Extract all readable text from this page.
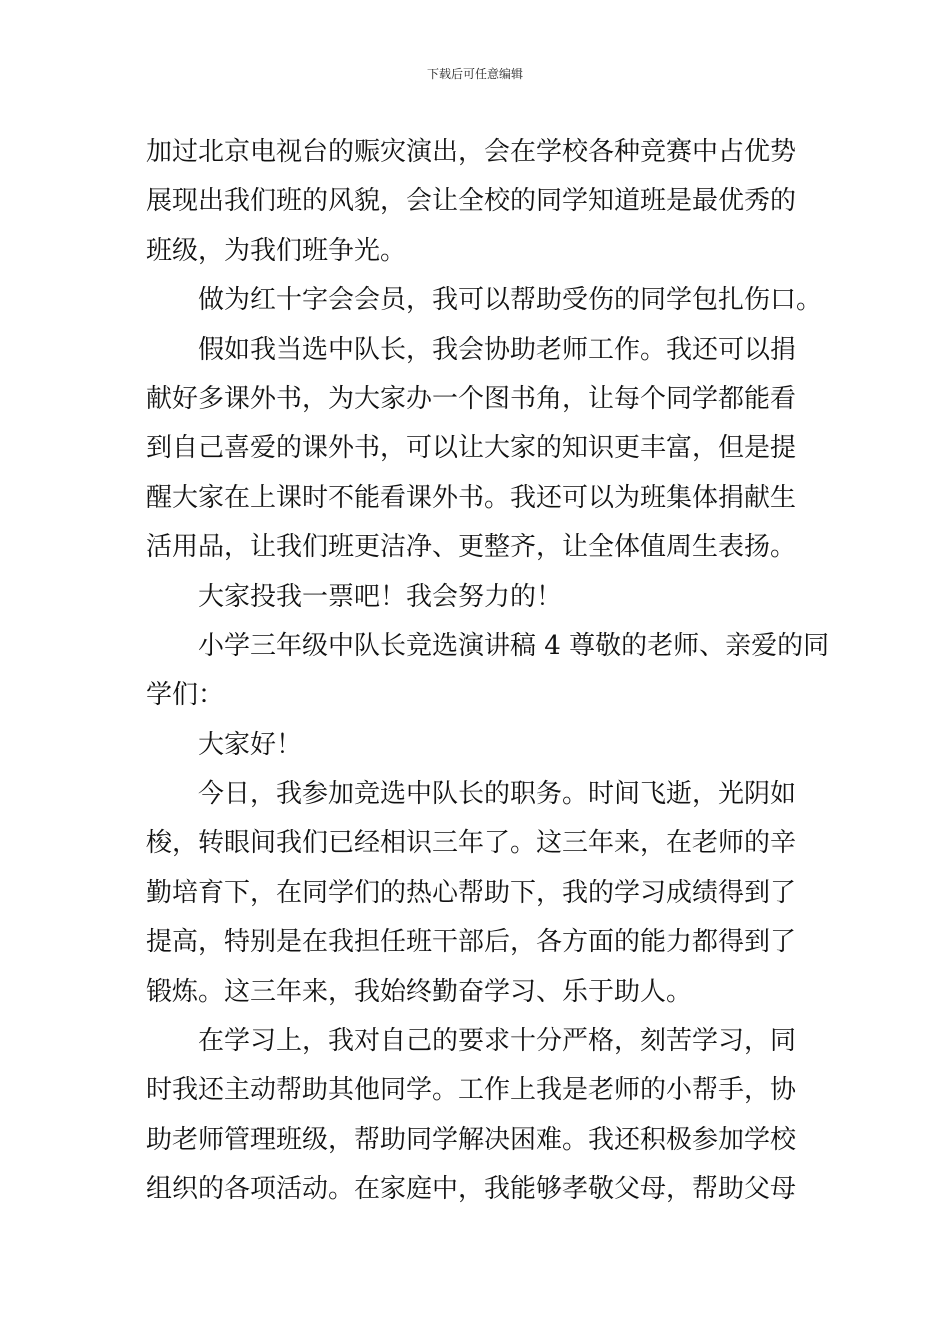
下载后可任意编辑
加过北京电视台的赈灾演出，会在学校各种竞赛中占优势
展现出我们班的风貌，会让全校的同学知道班是最优秀的
班级，为我们班争光。
做为红十字会会员，我可以帮助受伤的同学包扎伤口。
假如我当选中队长，我会协助老师工作。我还可以捐
献好多课外书，为大家办一个图书角，让每个同学都能看
到自己喜爱的课外书，可以让大家的知识更丰富，但是提
醒大家在上课时不能看课外书。我还可以为班集体捐献生
活用品，让我们班更洁净、更整齐，让全体值周生表扬。
大家投我一票吧！我会努力的！
小学三年级中队长竞选演讲稿 4 尊敬的老师、亲爱的同
学们：
大家好！
今日，我参加竞选中队长的职务。时间飞逝，光阴如
梭，转眼间我们已经相识三年了。这三年来，在老师的辛
勤培育下，在同学们的热心帮助下，我的学习成绩得到了
提高，特别是在我担任班干部后，各方面的能力都得到了
锻炼。这三年来，我始终勤奋学习、乐于助人。
在学习上，我对自己的要求十分严格，刻苦学习，同
时我还主动帮助其他同学。工作上我是老师的小帮手，协
助老师管理班级，帮助同学解决困难。我还积极参加学校
组织的各项活动。在家庭中，我能够孝敬父母，帮助父母
